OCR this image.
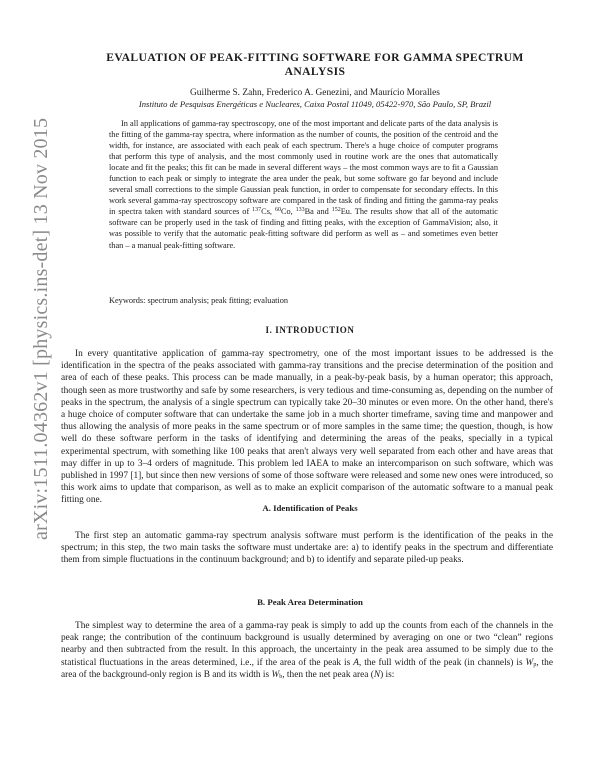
arXiv:1511.04362v1 [physics.ins-det] 13 Nov 2015
EVALUATION OF PEAK-FITTING SOFTWARE FOR GAMMA SPECTRUM
ANALYSIS
Guilherme S. Zahn, Frederico A. Genezini, and Maurício Moralles
Instituto de Pesquisas Energéticas e Nucleares, Caixa Postal 11049, 05422-970, São Paulo, SP, Brazil

In all applications of gamma-ray spectroscopy, one of the most important and delicate parts of the data analysis is the fitting of the gamma-ray spectra, where information as the number of counts, the position of the centroid and the width, for instance, are associated with each peak of each spectrum. There's a huge choice of computer programs that perform this type of analysis, and the most commonly used in routine work are the ones that automatically locate and fit the peaks; this fit can be made in several different ways – the most common ways are to fit a Gaussian function to each peak or simply to integrate the area under the peak, but some software go far beyond and include several small corrections to the simple Gaussian peak function, in order to compensate for secondary effects. In this work several gamma-ray spectroscopy software are compared in the task of finding and fitting the gamma-ray peaks in spectra taken with standard sources of $^{137}$Cs, $^{60}$Co, $^{133}$Ba and $^{152}$Eu. The results show that all of the automatic software can be properly used in the task of finding and fitting peaks, with the exception of GammaVision; also, it was possible to verify that the automatic peak-fitting software did perform as well as – and sometimes even better than – a manual peak-fitting software.

Keywords: spectrum analysis; peak fitting; evaluation
I. INTRODUCTION

In every quantitative application of gamma-ray spectrometry, one of the most important issues to be addressed is the identification in the spectra of the peaks associated with gamma-ray transitions and the precise determination of the position and area of each of these peaks. This process can be made manually, in a peak-by-peak basis, by a human operator; this approach, though seen as more trustworthy and safe by some researchers, is very tedious and time-consuming as, depending on the number of peaks in the spectrum, the analysis of a single spectrum can typically take 20–30 minutes or even more. On the other hand, there's a huge choice of computer software that can undertake the same job in a much shorter timeframe, saving time and manpower and thus allowing the analysis of more peaks in the same spectrum or of more samples in the same time; the question, though, is how well do these software perform in the tasks of identifying and determining the areas of the peaks, specially in a typical experimental spectrum, with something like 100 peaks that aren't always very well separated from each other and have areas that may differ in up to 3–4 orders of magnitude. This problem led IAEA to make an intercomparison on such software, which was published in 1997 [1], but since then new versions of some of those software were released and some new ones were introduced, so this work aims to update that comparison, as well as to make an explicit comparison of the automatic software to a manual peak fitting one.

A. Identification of Peaks

The first step an automatic gamma-ray spectrum analysis software must perform is the identification of the peaks in the spectrum; in this step, the two main tasks the software must undertake are: a) to identify peaks in the spectrum and differentiate them from simple fluctuations in the continuum background; and b) to identify and separate piled-up peaks.

B. Peak Area Determination

The simplest way to determine the area of a gamma-ray peak is simply to add up the counts from each of the channels in the peak range; the contribution of the continuum background is usually determined by averaging on one or two “clean” regions nearby and then subtracted from the result. In this approach, the uncertainty in the peak area assumed to be simply due to the statistical fluctuations in the areas determined, i.e., if the area of the peak is A, the full width of the peak (in channels) is $W_p$, the area of the background-only region is B and its width is $W_b$, then the net peak area (N) is:
